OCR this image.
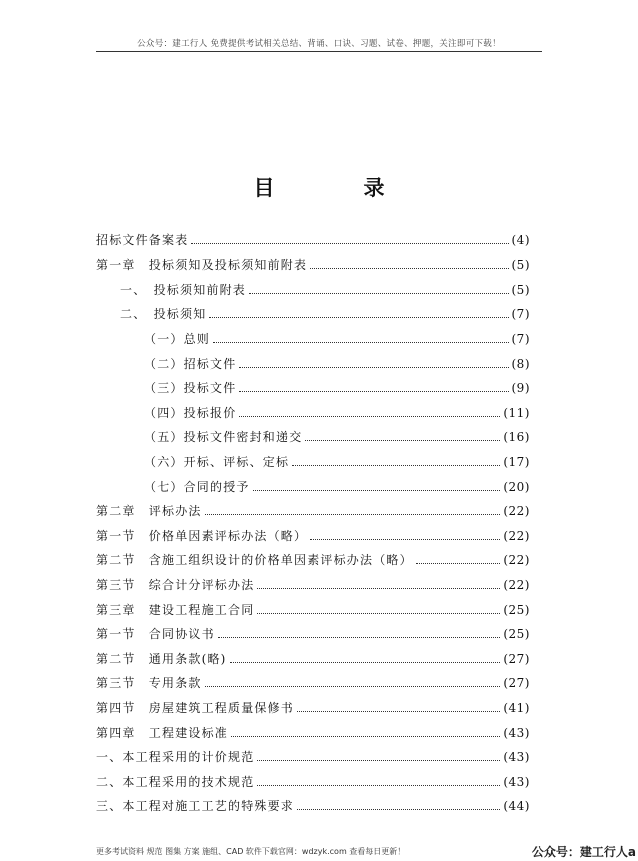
公众号：建工行人 免费提供考试相关总结、背诵、口诀、习题、试卷、押题，关注即可下载！
目　录
招标文件备案表	(4)
第一章　投标须知及投标须知前附表	(5)
一、　投标须知前附表	(5)
二、　投标须知	(7)
（一）总则	(7)
（二）招标文件	(8)
（三）投标文件	(9)
（四）投标报价	(11)
（五）投标文件密封和递交	(16)
（六）开标、评标、定标	(17)
（七）合同的授予	(20)
第二章　评标办法	(22)
第一节　价格单因素评标办法（略）	(22)
第二节　含施工组织设计的价格单因素评标办法（略）	(22)
第三节　综合计分评标办法	(22)
第三章　建设工程施工合同	(25)
第一节　合同协议书	(25)
第二节　通用条款(略)	(27)
第三节　专用条款	(27)
第四节　房屋建筑工程质量保修书	(41)
第四章　工程建设标准	(43)
一、本工程采用的计价规范	(43)
二、本工程采用的技术规范	(43)
三、本工程对施工工艺的特殊要求	(44)
更多考试资料 规范 图集 方案 施组、CAD 软件下载官网：wdzyk.com 查看每日更新！	公众号：建工行人a
